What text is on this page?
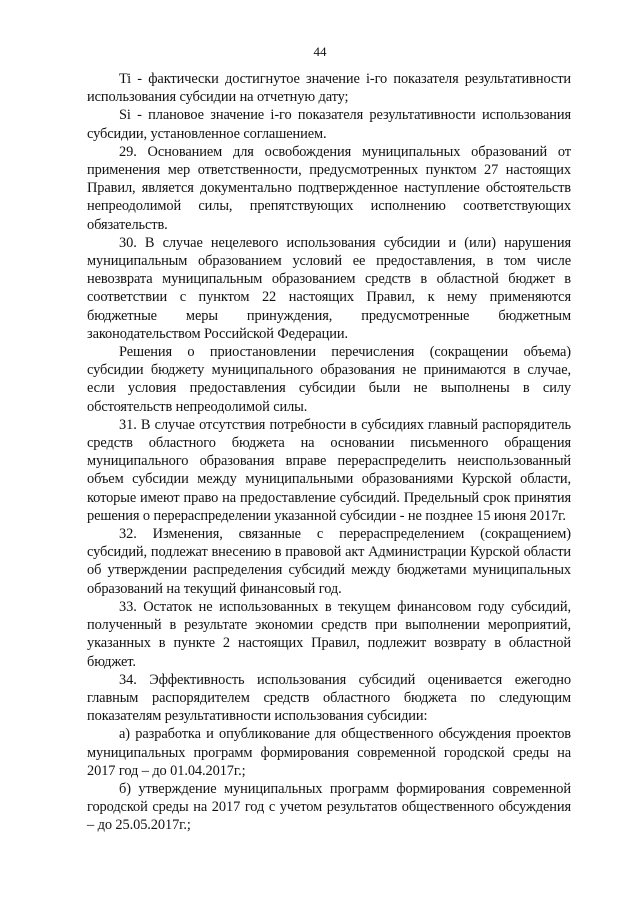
44

Ti - фактически достигнутое значение i-го показателя результативности использования субсидии на отчетную дату;

Si - плановое значение i-го показателя результативности использования субсидии, установленное соглашением.

29. Основанием для освобождения муниципальных образований от применения мер ответственности, предусмотренных пунктом 27 настоящих Правил, является документально подтвержденное наступление обстоятельств непреодолимой силы, препятствующих исполнению соответствующих обязательств.

30. В случае нецелевого использования субсидии и (или) нарушения муниципальным образованием условий ее предоставления, в том числе невозврата муниципальным образованием средств в областной бюджет в соответствии с пунктом 22 настоящих Правил, к нему применяются бюджетные меры принуждения, предусмотренные бюджетным законодательством Российской Федерации.

Решения о приостановлении перечисления (сокращении объема) субсидии бюджету муниципального образования не принимаются в случае, если условия предоставления субсидии были не выполнены в силу обстоятельств непреодолимой силы.

31. В случае отсутствия потребности в субсидиях главный распорядитель средств областного бюджета на основании письменного обращения муниципального образования вправе перераспределить неиспользованный объем субсидии между муниципальными образованиями Курской области, которые имеют право на предоставление субсидий. Предельный срок принятия решения о перераспределении указанной субсидии - не позднее 15 июня 2017г.

32. Изменения, связанные с перераспределением (сокращением) субсидий, подлежат внесению в правовой акт Администрации Курской области об утверждении распределения субсидий между бюджетами муниципальных образований на текущий финансовый год.

33. Остаток не использованных в текущем финансовом году субсидий, полученный в результате экономии средств при выполнении мероприятий, указанных в пункте 2 настоящих Правил, подлежит возврату в областной бюджет.

34. Эффективность использования субсидий оценивается ежегодно главным распорядителем средств областного бюджета по следующим показателям результативности использования субсидии:

а) разработка и опубликование для общественного обсуждения проектов муниципальных программ формирования современной городской среды на 2017 год – до 01.04.2017г.;

б) утверждение муниципальных программ формирования современной городской среды на 2017 год с учетом результатов общественного обсуждения – до 25.05.2017г.;
